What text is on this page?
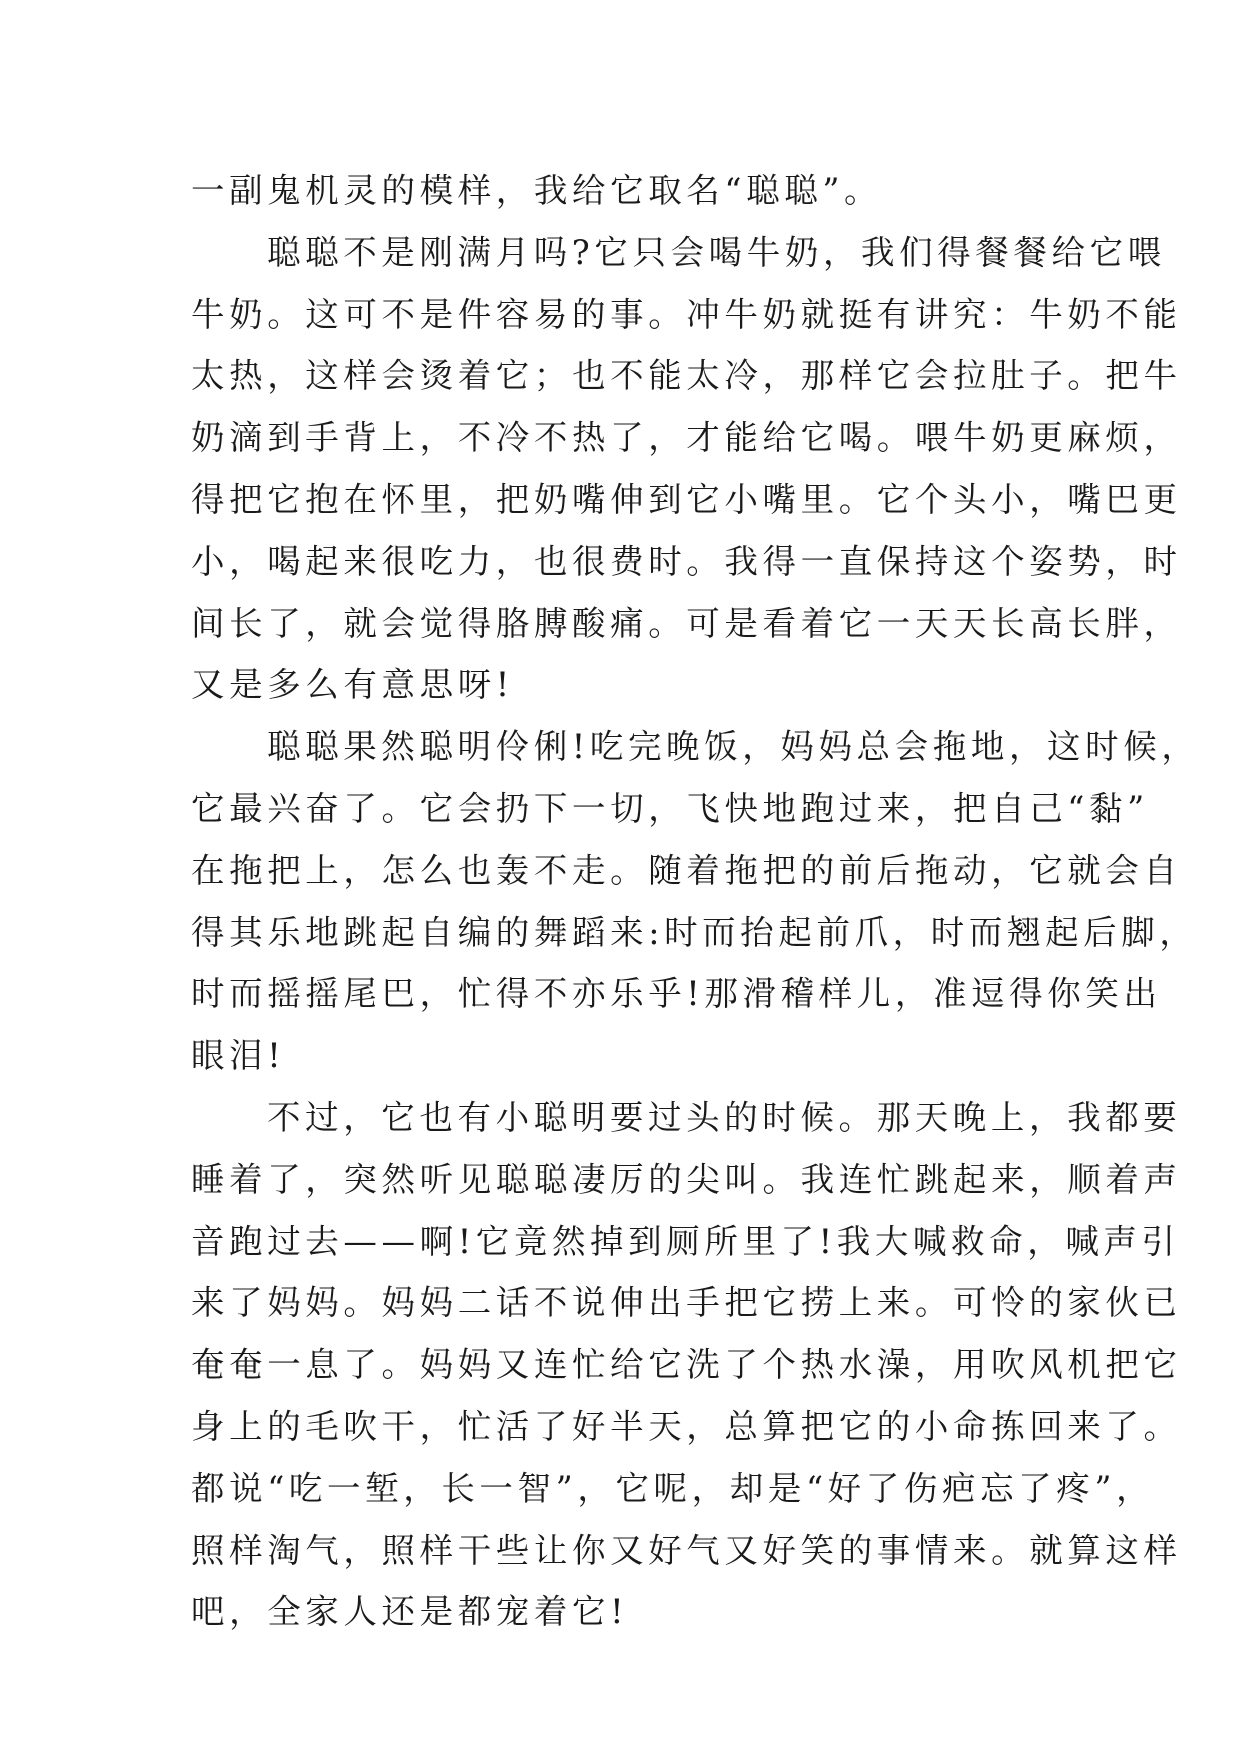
一副鬼机灵的模样，我给它取名“聪聪”。
聪聪不是刚满月吗?它只会喝牛奶，我们得餐餐给它喂
牛奶。这可不是件容易的事。冲牛奶就挺有讲究：牛奶不能
太热，这样会烫着它；也不能太冷，那样它会拉肚子。把牛
奶滴到手背上，不冷不热了，才能给它喝。喂牛奶更麻烦，
得把它抱在怀里，把奶嘴伸到它小嘴里。它个头小，嘴巴更
小，喝起来很吃力，也很费时。我得一直保持这个姿势，时
间长了，就会觉得胳膊酸痛。可是看着它一天天长高长胖，
又是多么有意思呀!
聪聪果然聪明伶俐!吃完晚饭，妈妈总会拖地，这时候，
它最兴奋了。它会扔下一切，飞快地跑过来，把自己“黏”
在拖把上，怎么也轰不走。随着拖把的前后拖动，它就会自
得其乐地跳起自编的舞蹈来:时而抬起前爪，时而翘起后脚，
时而摇摇尾巴，忙得不亦乐乎!那滑稽样儿，准逗得你笑出
眼泪!
不过，它也有小聪明要过头的时候。那天晚上，我都要
睡着了，突然听见聪聪凄厉的尖叫。我连忙跳起来，顺着声
音跑过去——啊!它竟然掉到厕所里了!我大喊救命，喊声引
来了妈妈。妈妈二话不说伸出手把它捞上来。可怜的家伙已
奄奄一息了。妈妈又连忙给它洗了个热水澡，用吹风机把它
身上的毛吹干，忙活了好半天，总算把它的小命拣回来了。
都说“吃一堑，长一智”，它呢，却是“好了伤疤忘了疼”，
照样淘气，照样干些让你又好气又好笑的事情来。就算这样
吧，全家人还是都宠着它!
